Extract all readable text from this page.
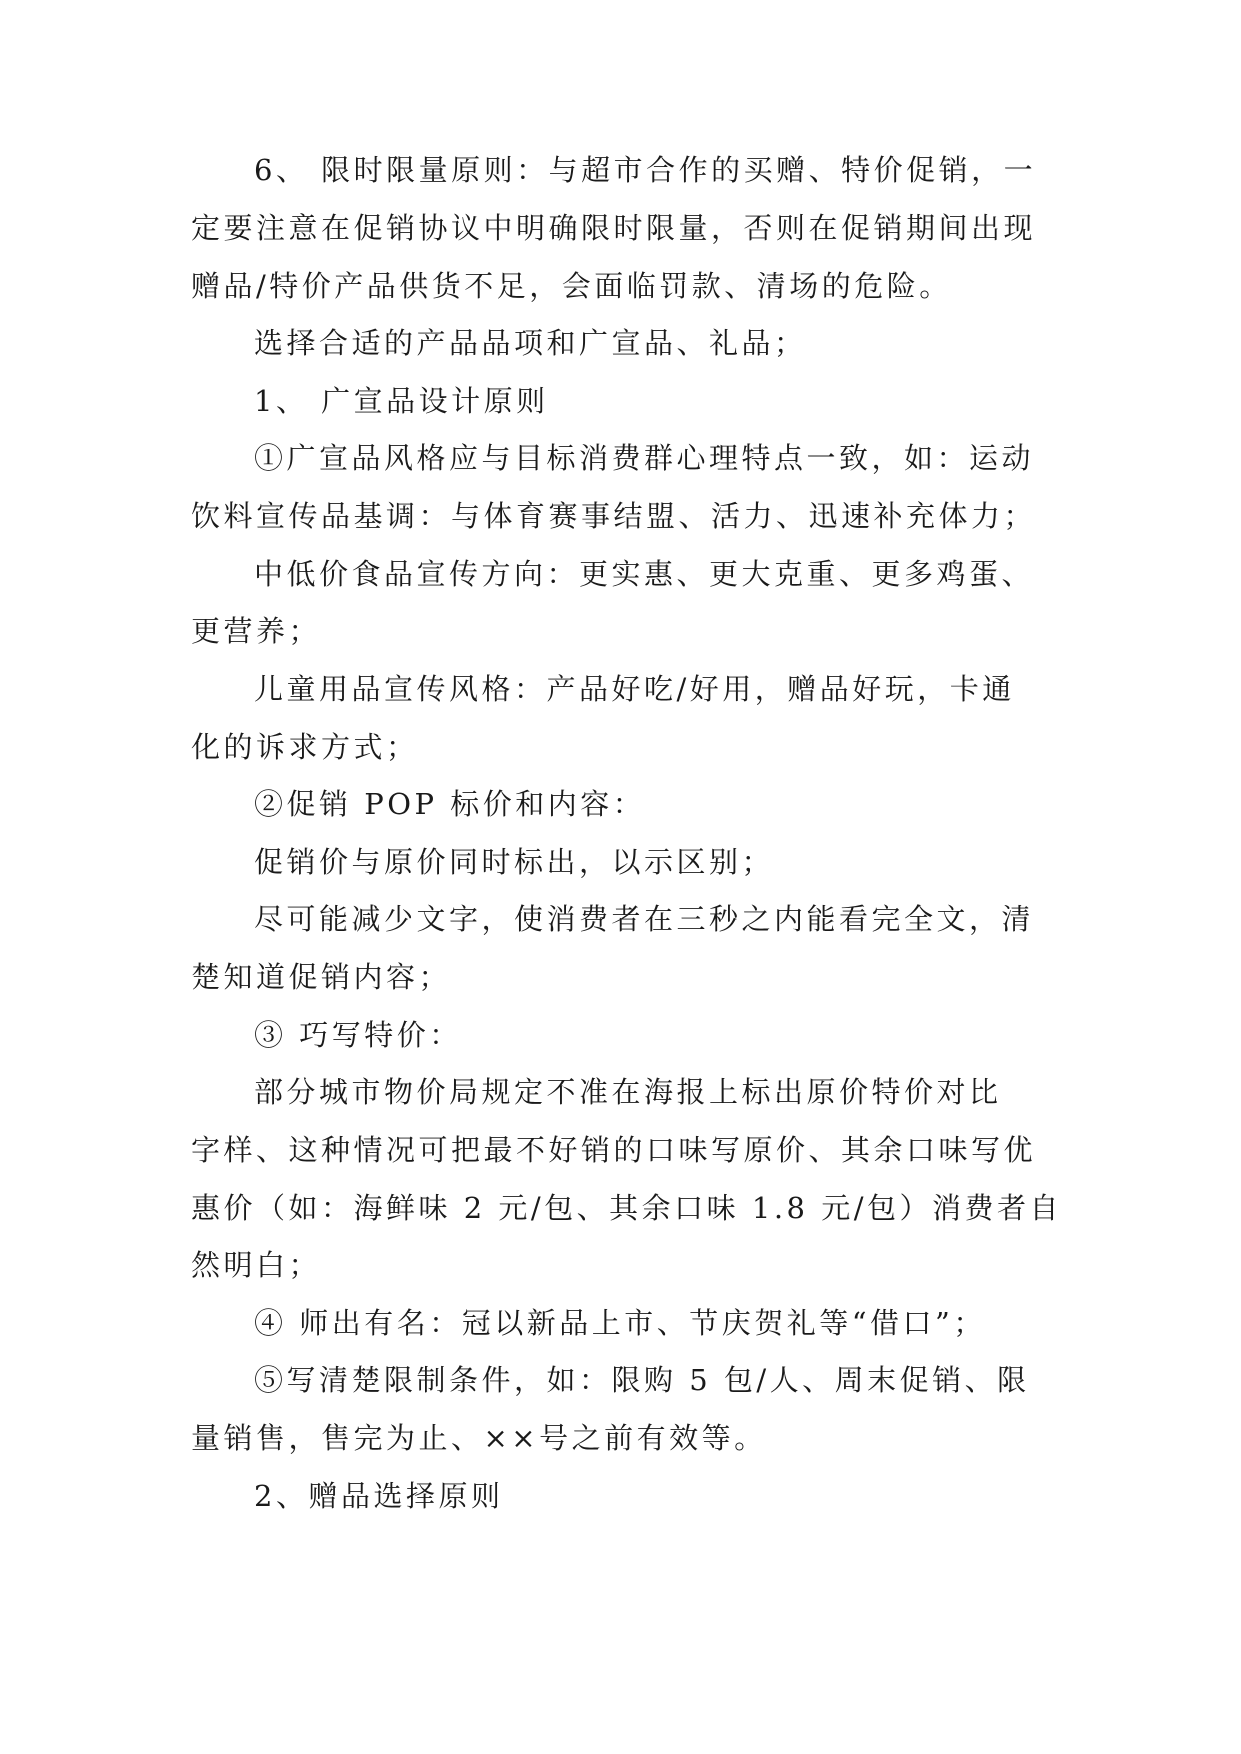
6、 限时限量原则：与超市合作的买赠、特价促销，一
定要注意在促销协议中明确限时限量，否则在促销期间出现
赠品/特价产品供货不足，会面临罚款、清场的危险。
选择合适的产品品项和广宣品、礼品；
1、 广宣品设计原则
①广宣品风格应与目标消费群心理特点一致，如：运动
饮料宣传品基调：与体育赛事结盟、活力、迅速补充体力；
中低价食品宣传方向：更实惠、更大克重、更多鸡蛋、
更营养；
儿童用品宣传风格：产品好吃/好用，赠品好玩，卡通
化的诉求方式；
②促销 POP 标价和内容：
促销价与原价同时标出，以示区别；
尽可能减少文字，使消费者在三秒之内能看完全文，清
楚知道促销内容；
③ 巧写特价：
部分城市物价局规定不准在海报上标出原价特价对比
字样、这种情况可把最不好销的口味写原价、其余口味写优
惠价（如：海鲜味 2 元/包、其余口味 1.8 元/包）消费者自
然明白；
④ 师出有名：冠以新品上市、节庆贺礼等“借口”；
⑤写清楚限制条件，如：限购 5 包/人、周末促销、限
量销售，售完为止、××号之前有效等。
2、赠品选择原则
